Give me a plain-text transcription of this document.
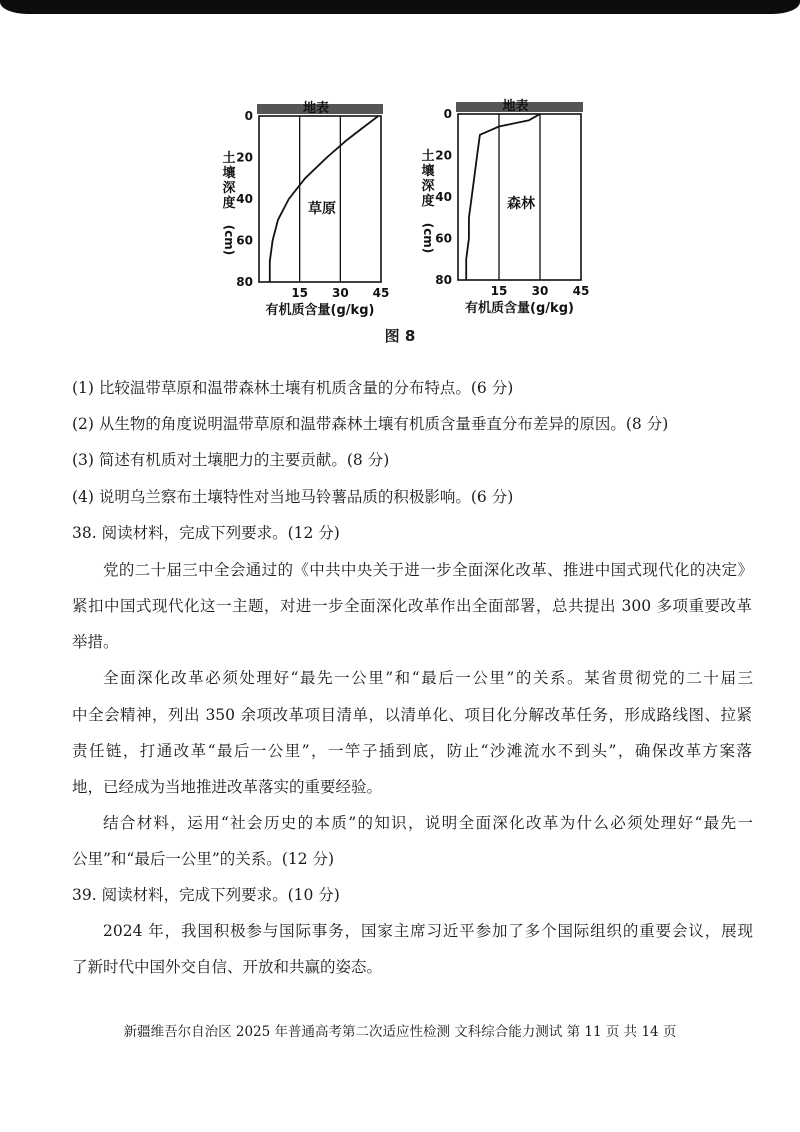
地表
0
20
40
60
80
15 30 45
有机质含量(g/kg)
土
壤
深
度
(cm)
草原
地表
0
20
40
60
80
15 30 45
有机质含量(g/kg)
土
壤
深
度
(cm)
森林
图 8
(1) 比较温带草原和温带森林土壤有机质含量的分布特点。(6 分)
(2) 从生物的角度说明温带草原和温带森林土壤有机质含量垂直分布差异的原因。(8 分)
(3) 简述有机质对土壤肥力的主要贡献。(8 分)
(4) 说明乌兰察布土壤特性对当地马铃薯品质的积极影响。(6 分)
38. 阅读材料，完成下列要求。(12 分)
党的二十届三中全会通过的《中共中央关于进一步全面深化改革、推进中国式现代化的决定》
紧扣中国式现代化这一主题，对进一步全面深化改革作出全面部署，总共提出 300 多项重要改革
举措。
全面深化改革必须处理好“最先一公里”和“最后一公里”的关系。某省贯彻党的二十届三
中全会精神，列出 350 余项改革项目清单，以清单化、项目化分解改革任务，形成路线图、拉紧
责任链，打通改革“最后一公里”，一竿子插到底，防止“沙滩流水不到头”，确保改革方案落
地，已经成为当地推进改革落实的重要经验。
结合材料，运用“社会历史的本质”的知识，说明全面深化改革为什么必须处理好“最先一
公里”和“最后一公里”的关系。(12 分)
39. 阅读材料，完成下列要求。(10 分)
2024 年，我国积极参与国际事务，国家主席习近平参加了多个国际组织的重要会议，展现
了新时代中国外交自信、开放和共赢的姿态。
新疆维吾尔自治区 2025 年普通高考第二次适应性检测 文科综合能力测试 第 11 页 共 14 页
